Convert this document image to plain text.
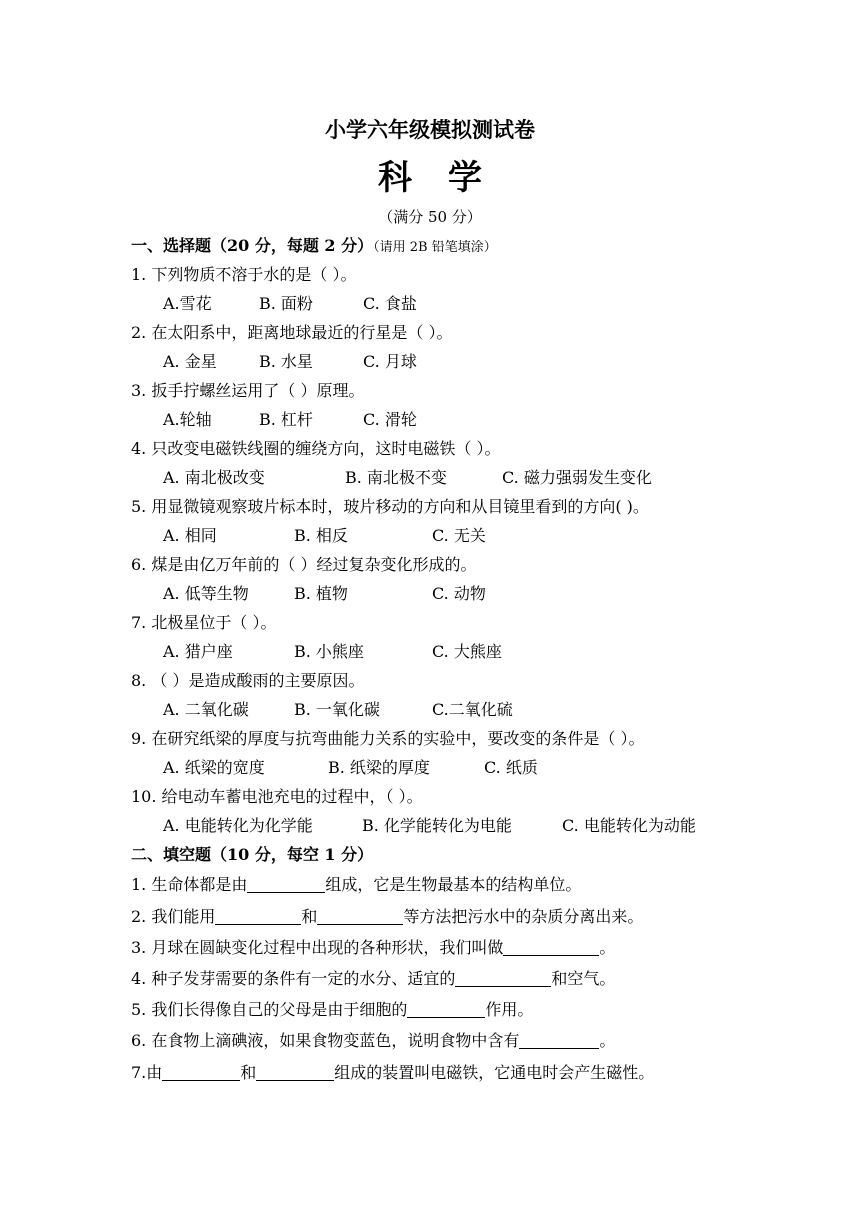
小学六年级模拟测试卷
科学
（满分 50 分）
一、选择题（20 分，每题 2 分）（请用 2B 铅笔填涂）
1. 下列物质不溶于水的是（ ）。
A.雪花	B. 面粉	C. 食盐
2. 在太阳系中，距离地球最近的行星是（ ）。
A. 金星	B. 水星	C. 月球
3. 扳手拧螺丝运用了（ ）原理。
A.轮轴	B. 杠杆	C. 滑轮
4. 只改变电磁铁线圈的缠绕方向，这时电磁铁（ ）。
A. 南北极改变	B. 南北极不变	C. 磁力强弱发生变化
5. 用显微镜观察玻片标本时，玻片移动的方向和从目镜里看到的方向( )。
A. 相同	B. 相反	C. 无关
6. 煤是由亿万年前的（ ）经过复杂变化形成的。
A. 低等生物	B. 植物	C. 动物
7. 北极星位于（ ）。
A. 猎户座	B. 小熊座	C. 大熊座
8. （ ）是造成酸雨的主要原因。
A. 二氧化碳	B. 一氧化碳	C.二氧化硫
9. 在研究纸梁的厚度与抗弯曲能力关系的实验中，要改变的条件是（ ）。
A. 纸梁的宽度	B. 纸梁的厚度	C. 纸质
10. 给电动车蓄电池充电的过程中，（ ）。
A. 电能转化为化学能	B. 化学能转化为电能	C. 电能转化为动能
二、填空题（10 分，每空 1 分）
1. 生命体都是由	组成，它是生物最基本的结构单位。
2. 我们能用	和	等方法把污水中的杂质分离出来。
3. 月球在圆缺变化过程中出现的各种形状，我们叫做	。
4. 种子发芽需要的条件有一定的水分、适宜的	和空气。
5. 我们长得像自己的父母是由于细胞的	作用。
6. 在食物上滴碘液，如果食物变蓝色，说明食物中含有	。
7.由	和	组成的装置叫电磁铁，它通电时会产生磁性。
